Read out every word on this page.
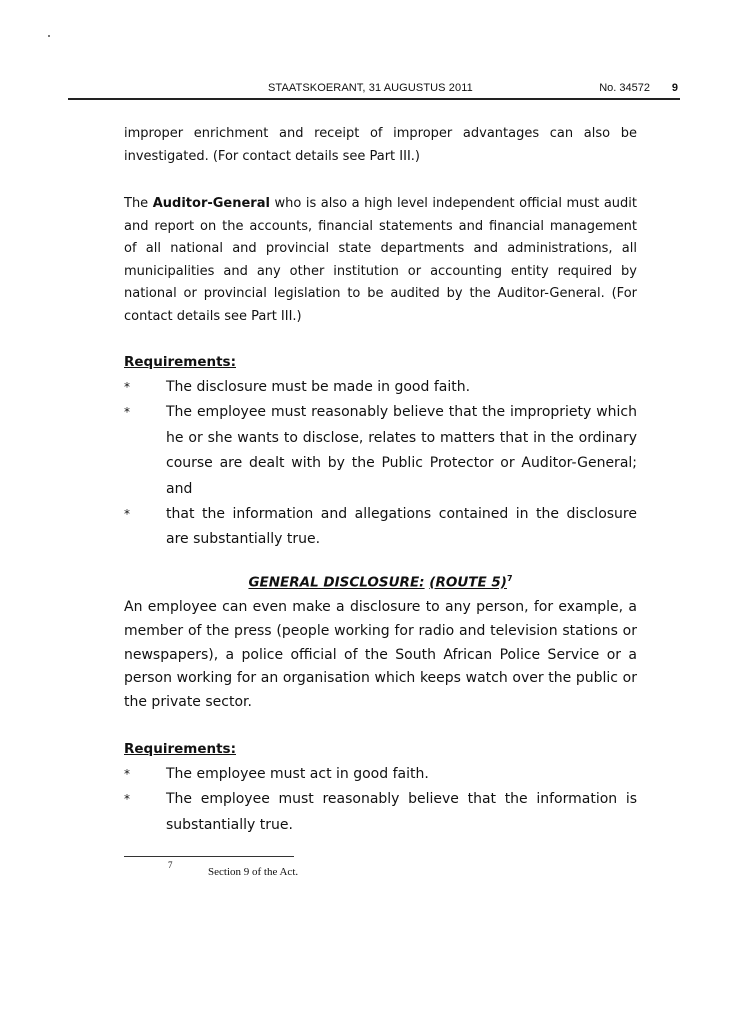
STAATSKOERANT, 31 AUGUSTUS 2011	No. 34572 9

improper enrichment and receipt of improper advantages can also be investigated. (For contact details see Part III.)

The Auditor-General who is also a high level independent official must audit and report on the accounts, financial statements and financial management of all national and provincial state departments and administrations, all municipalities and any other institution or accounting entity required by national or provincial legislation to be audited by the Auditor-General. (For contact details see Part III.)

Requirements:
*	The disclosure must be made in good faith.
*	The employee must reasonably believe that the impropriety which he or she wants to disclose, relates to matters that in the ordinary course are dealt with by the Public Protector or Auditor-General; and
*	that the information and allegations contained in the disclosure are substantially true.
GENERAL DISCLOSURE: (ROUTE 5)$^7$

An employee can even make a disclosure to any person, for example, a member of the press (people working for radio and television stations or newspapers), a police official of the South African Police Service or a person working for an organisation which keeps watch over the public or the private sector.

Requirements:
*	The employee must act in good faith.
*	The employee must reasonably believe that the information is substantially true.
7
Section 9 of the Act.
